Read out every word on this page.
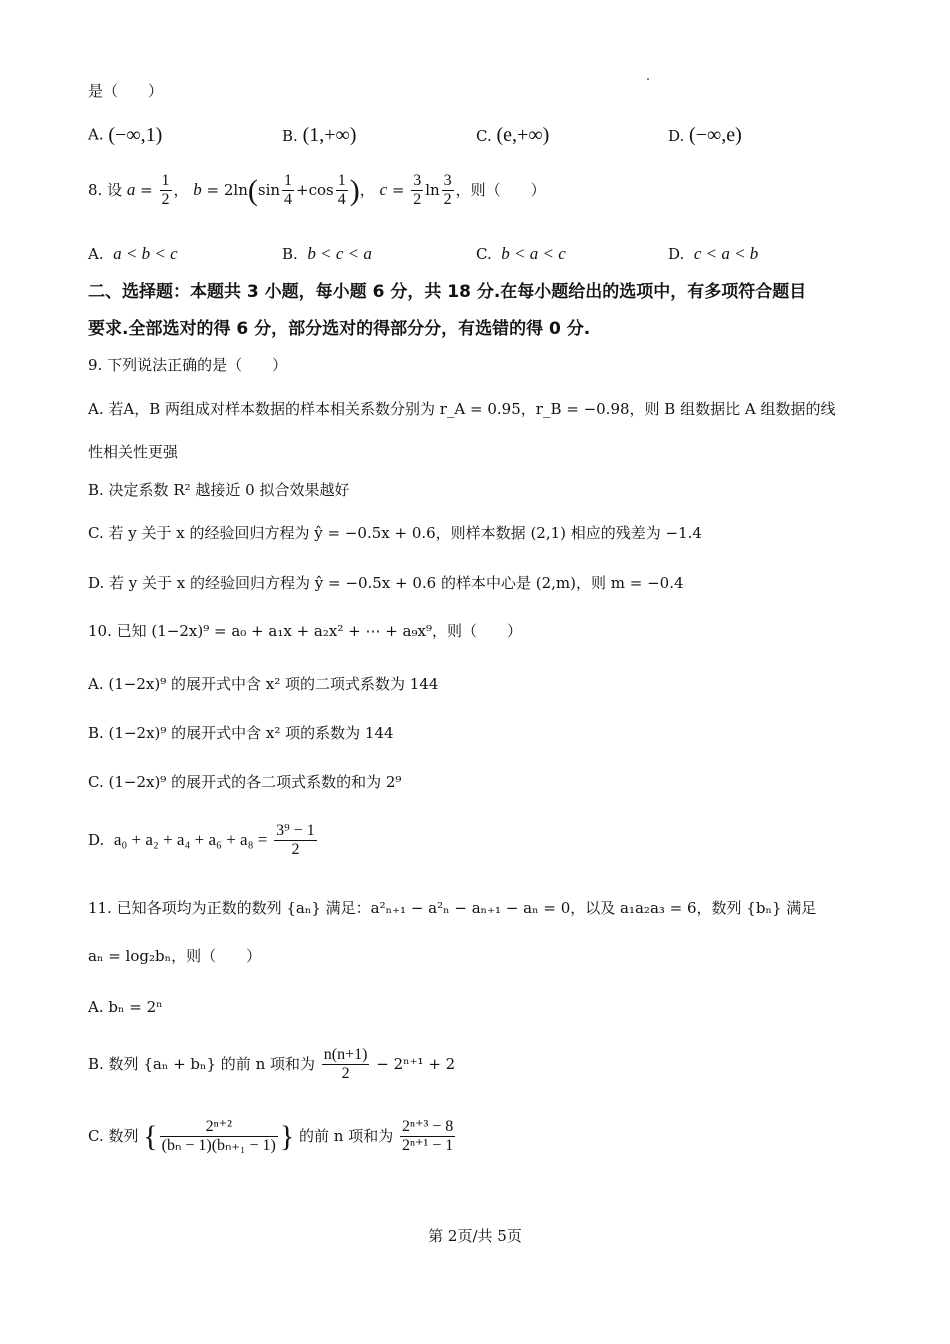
是（　　）
A. (−∞,1)	B. (1,+∞)	C. (e,+∞)	D. (−∞,e)
8. 设 $a = \frac{1}{2}$ ， $b = 2\ln(\sin \frac{1}{4} +\cos \frac{1}{4}$ )， $c = \frac{3}{2}$ $\ln \frac{3}{2}$ ，则（　　）
A. a < b < c	B. b < c < a	C. b < a < c	D. c < a < b
二、选择题：本题共 3 小题，每小题 6 分，共 18 分.在每小题给出的选项中，有多项符合题目
要求.全部选对的得 6 分，部分选对的得部分分，有选错的得 0 分.
9. 下列说法正确的是（　　）
A. 若A，B 两组成对样本数据的样本相关系数分别为 r_A = 0.95，r_B = −0.98，则 B 组数据比 A 组数据的线
性相关性更强
B. 决定系数 R² 越接近 0 拟合效果越好
C. 若 y 关于 x 的经验回归方程为 ŷ = −0.5x + 0.6，则样本数据 (2,1) 相应的残差为 −1.4
D. 若 y 关于 x 的经验回归方程为 ŷ = −0.5x + 0.6 的样本中心是 (2,m)，则 m = −0.4
10. 已知 (1−2x)⁹ = a₀ + a₁x + a₂x² + ⋯ + a₉x⁹，则（　　）
A. (1−2x)⁹ 的展开式中含 x² 项的二项式系数为 144
B. (1−2x)⁹ 的展开式中含 x² 项的系数为 144
C. (1−2x)⁹ 的展开式的各二项式系数的和为 2⁹
D. $a_0 + a_2 + a_4 + a_6 + a_8 = \frac{\text{3⁹ − 1}}{2}$
11. 已知各项均为正数的数列 {aₙ} 满足：a²ₙ₊₁ − a²ₙ − aₙ₊₁ − aₙ = 0，以及 a₁a₂a₃ = 6，数列 {bₙ} 满足
aₙ = log₂bₙ，则（　　）
A. bₙ = 2ⁿ
B. 数列 {aₙ + bₙ} 的前 n 项和为 $\frac{n(n+1)}{2} - 2^{n+1} + 2$
C. 数列 { $\frac{\text{2ⁿ⁺²}}{\text{(bₙ − 1)(bₙ₊₁ − 1)}}$ } 的前 n 项和为 $\frac{\text{2ⁿ⁺³ − 8}}{\text{2ⁿ⁺¹ − 1}}$
第 2页/共 5页
